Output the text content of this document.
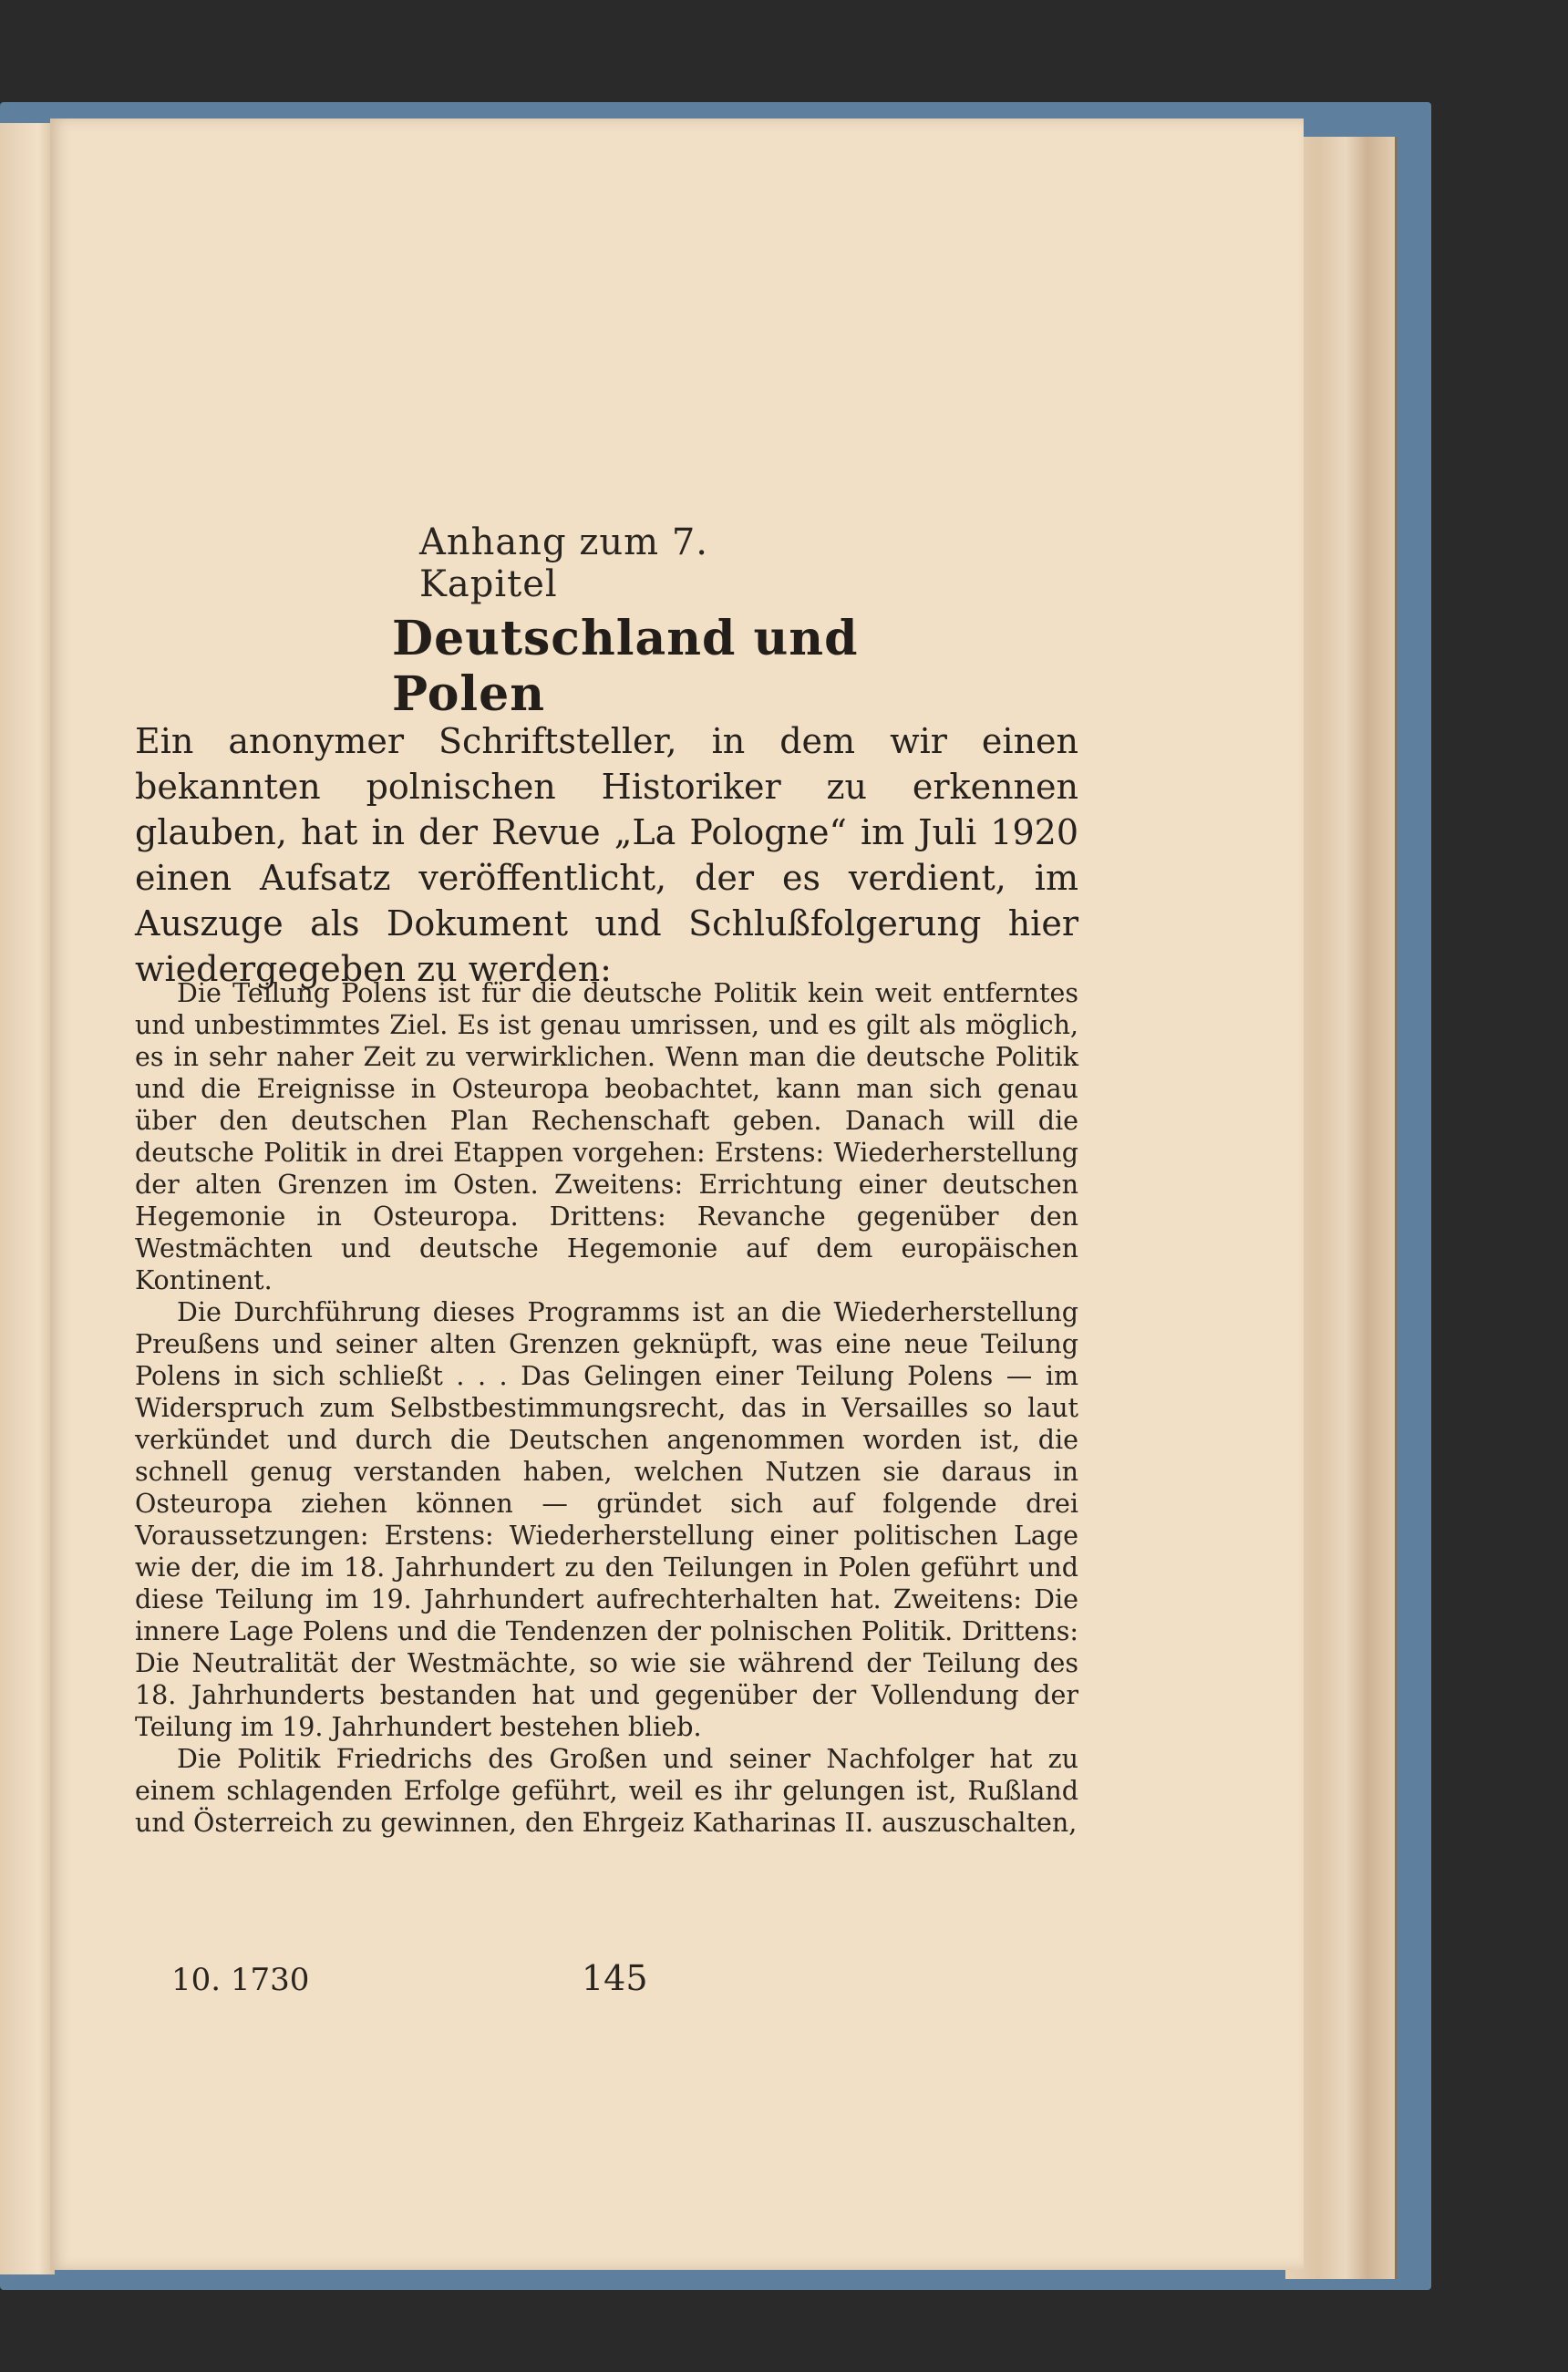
Anhang zum 7. Kapitel
Deutschland und Polen

Ein anonymer Schriftsteller, in dem wir einen bekannten polnischen Historiker zu erkennen glauben, hat in der Revue „La Pologne“ im Juli 1920 einen Aufsatz veröffentlicht, der es verdient, im Auszuge als Dokument und Schlußfolgerung hier wiedergegeben zu werden:

Die Teilung Polens ist für die deutsche Politik kein weit entferntes und unbestimmtes Ziel. Es ist genau umrissen, und es gilt als möglich, es in sehr naher Zeit zu verwirklichen. Wenn man die deutsche Politik und die Ereignisse in Osteuropa beobachtet, kann man sich genau über den deutschen Plan Rechenschaft geben. Danach will die deutsche Politik in drei Etappen vorgehen: Erstens: Wiederherstellung der alten Grenzen im Osten. Zweitens: Errichtung einer deutschen Hegemonie in Osteuropa. Drittens: Revanche gegenüber den Westmächten und deutsche Hegemonie auf dem europäischen Kontinent.

Die Durchführung dieses Programms ist an die Wiederherstellung Preußens und seiner alten Grenzen geknüpft, was eine neue Teilung Polens in sich schließt . . . Das Gelingen einer Teilung Polens — im Widerspruch zum Selbstbestimmungsrecht, das in Versailles so laut verkündet und durch die Deutschen angenommen worden ist, die schnell genug verstanden haben, welchen Nutzen sie daraus in Osteuropa ziehen können — gründet sich auf folgende drei Voraussetzungen: Erstens: Wiederherstellung einer politischen Lage wie der, die im 18. Jahrhundert zu den Teilungen in Polen geführt und diese Teilung im 19. Jahrhundert aufrechterhalten hat. Zweitens: Die innere Lage Polens und die Tendenzen der polnischen Politik. Drittens: Die Neutralität der Westmächte, so wie sie während der Teilung des 18. Jahrhunderts bestanden hat und gegenüber der Vollendung der Teilung im 19. Jahrhundert bestehen blieb.

Die Politik Friedrichs des Großen und seiner Nachfolger hat zu einem schlagenden Erfolge geführt, weil es ihr gelungen ist, Rußland und Österreich zu gewinnen, den Ehrgeiz Katharinas II. auszuschalten,

10. 1730	145
